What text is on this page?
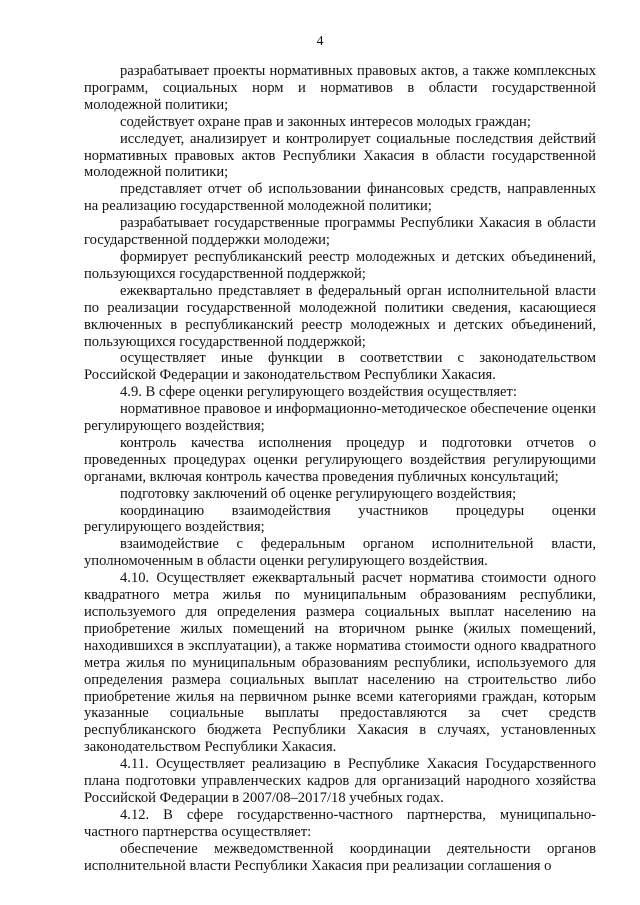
4

разрабатывает проекты нормативных правовых актов, а также комплексных программ, социальных норм и нормативов в области государственной молодежной политики;

содействует охране прав и законных интересов молодых граждан;

исследует, анализирует и контролирует социальные последствия действий нормативных правовых актов Республики Хакасия в области государственной молодежной политики;

представляет отчет об использовании финансовых средств, направленных на реализацию государственной молодежной политики;

разрабатывает государственные программы Республики Хакасия в области государственной поддержки молодежи;

формирует республиканский реестр молодежных и детских объединений, пользующихся государственной поддержкой;

ежеквартально представляет в федеральный орган исполнительной власти по реализации государственной молодежной политики сведения, касающиеся включенных в республиканский реестр молодежных и детских объединений, пользующихся государственной поддержкой;

осуществляет иные функции в соответствии с законодательством Российской Федерации и законодательством Республики Хакасия.

4.9. В сфере оценки регулирующего воздействия осуществляет:

нормативное правовое и информационно-методическое обеспечение оценки регулирующего воздействия;

контроль качества исполнения процедур и подготовки отчетов о проведенных процедурах оценки регулирующего воздействия регулирующими органами, включая контроль качества проведения публичных консультаций;

подготовку заключений об оценке регулирующего воздействия;

координацию взаимодействия участников процедуры оценки регулирующего воздействия;

взаимодействие с федеральным органом исполнительной власти, уполномоченным в области оценки регулирующего воздействия.

4.10. Осуществляет ежеквартальный расчет норматива стоимости одного квадратного метра жилья по муниципальным образованиям республики, используемого для определения размера социальных выплат населению на приобретение жилых помещений на вторичном рынке (жилых помещений, находившихся в эксплуатации), а также норматива стоимости одного квадратного метра жилья по муниципальным образованиям республики, используемого для определения размера социальных выплат населению на строительство либо приобретение жилья на первичном рынке всеми категориями граждан, которым указанные социальные выплаты предоставляются за счет средств республиканского бюджета Республики Хакасия в случаях, установленных законодательством Республики Хакасия.

4.11. Осуществляет реализацию в Республике Хакасия Государственного плана подготовки управленческих кадров для организаций народного хозяйства Российской Федерации в 2007/08–2017/18 учебных годах.

4.12. В сфере государственно-частного партнерства, муниципально-частного партнерства осуществляет:

обеспечение межведомственной координации деятельности органов исполнительной власти Республики Хакасия при реализации соглашения о
